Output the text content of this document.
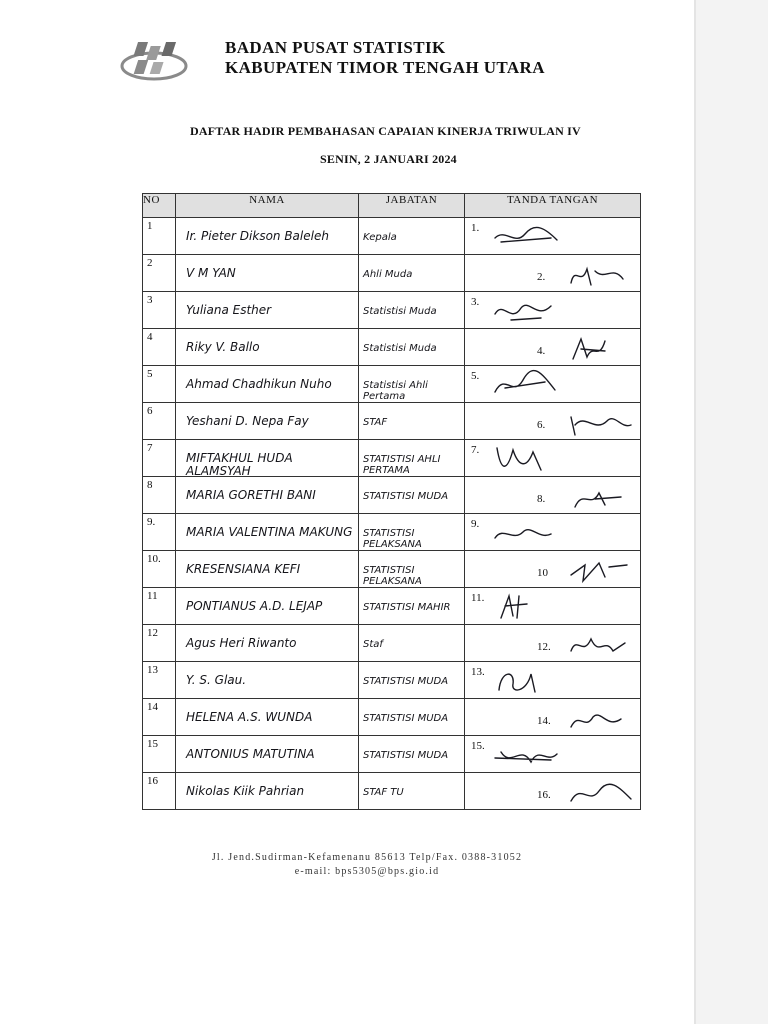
BADAN PUSAT STATISTIK
KABUPATEN TIMOR TENGAH UTARA
DAFTAR HADIR PEMBAHASAN CAPAIAN KINERJA TRIWULAN IV
SENIN, 2 JANUARI 2024
NO	NAMA	JABATAN	TANDA TANGAN

1	Ir. Pieter Dikson Baleleh	Kepala	1.

2	V M YAN	Ahli Muda	2.

3	Yuliana Esther	Statistisi Muda	3.

4	Riky V. Ballo	Statistisi Muda	4.

5	Ahmad Chadhikun Nuho	Statistisi Ahli Pertama	5.

6	Yeshani D. Nepa Fay	STAF	6.

7	MIFTAKHUL HUDA ALAMSYAH	STATISTISI AHLI PERTAMA	7.

8	MARIA GORETHI BANI	STATISTISI MUDA	8.

9.	MARIA VALENTINA MAKUNG	STATISTISI PELAKSANA	9.

10.	KRESENSIANA KEFI	STATISTISI PELAKSANA	10

11	PONTIANUS A.D. LEJAP	STATISTISI MAHIR	11.

12	Agus Heri Riwanto	Staf	12.

13	Y. S. Glau.	STATISTISI MUDA	13.

14	HELENA A.S. WUNDA	STATISTISI MUDA	14.

15	ANTONIUS MATUTINA	STATISTISI MUDA	15.

16	Nikolas Kiik Pahrian	STAF TU	16.
Jl. Jend.Sudirman-Kefamenanu 85613 Telp/Fax. 0388-31052
e-mail: bps5305@bps.gio.id
